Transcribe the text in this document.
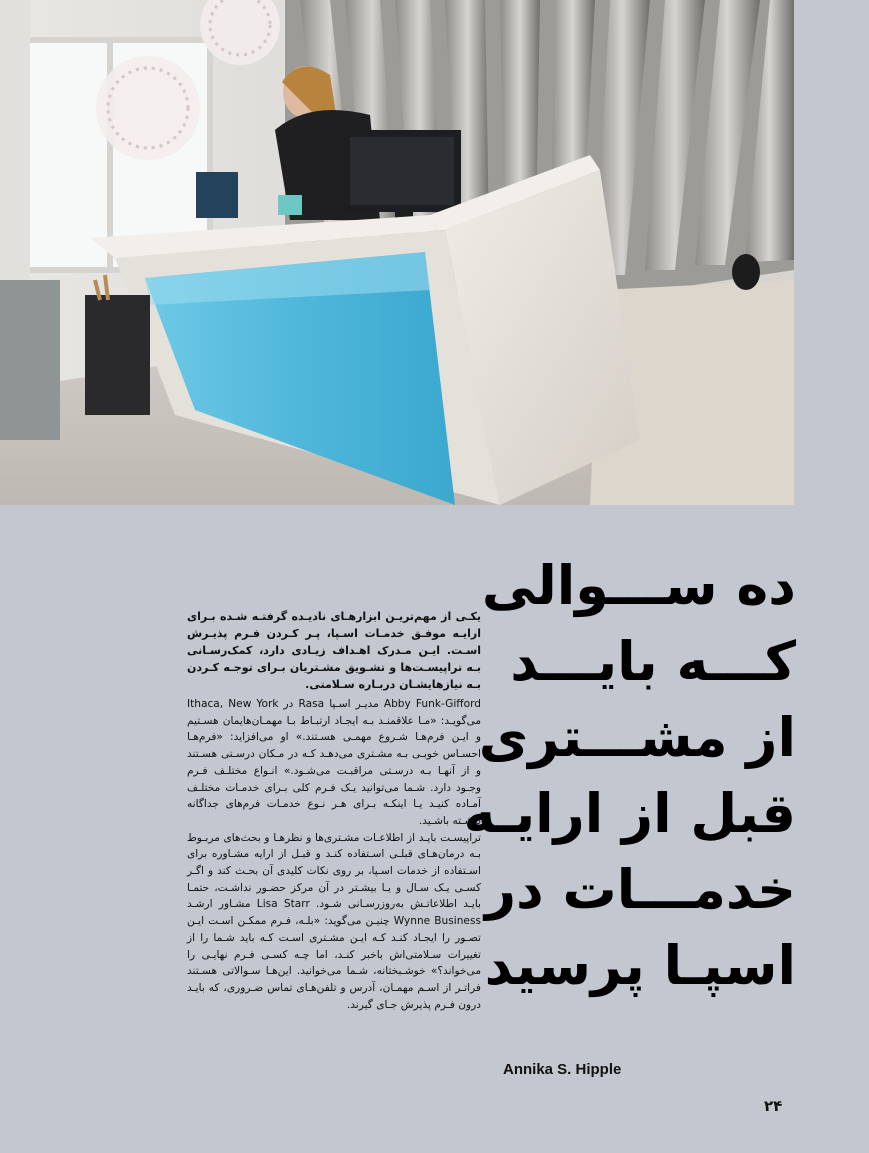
ده ســـوالی
کـــه بایـــد
از مشـــتری
قبل از ارایـه
خدمـــات در
اسپـا پرسید
Annika S. Hipple

یکـی از مهم‌تریـن ابزارهـای نادیـده گرفتـه شـده بـرای ارایـه موفـق خدمـات اسـپا، پـر کـردن فـرم پذیـرش اسـت. ایـن مـدرک اهـداف زیـادی دارد، کمک‌رسـانی بـه تراپیسـت‌ها و تشـویق مشـتریان بـرای توجـه کـردن بـه نیازهایشـان دربـاره سـلامتی.

Abby Funk-Gifford مدیـر اسـپا Rasa در Ithaca, New York می‌گویـد: «مـا علاقمنـد بـه ایجـاد ارتبـاط بـا مهمـان‌هایمان هسـتیم و ایـن فرم‌هـا شـروع مهمـی هسـتند.» او می‌افزاید: «فرم‌هـا احسـاس خوبـی بـه مشـتری می‌دهـد کـه در مـکان درسـتی هسـتند و از آنهـا بـه درسـتی مراقبـت می‌شـود.» انـواع مختلـف فـرم وجـود دارد. شـما می‌توانید یـک فـرم کلی بـرای خدمـات مختلـف آمـاده کنیـد یـا اینکـه بـرای هـر نـوع خدمـات فرم‌های جداگانه داشـته باشـید.

تراپیسـت بایـد از اطلاعـات مشـتری‌ها و نظرهـا و بحث‌های مربـوط بـه درمان‌هـای قبلـی اسـتفاده کنـد و قبـل از ارایه مشـاوره برای اسـتفاده از خدمات اسـپا، بر روی نکات کلیدی آن بحـث کند و اگـر کسـی یـک سـال و یـا بیشـتر در آن مرکز حضـور نداشـت، حتمـا بایـد اطلاعاتـش به‌روزرسـانی شـود. Lisa Starr مشـاور ارشـد Wynne Business چنیـن می‌گوید: «بلـه، فـرم ممکـن اسـت ایـن تصـور را ایجـاد کنـد کـه ایـن مشـتری اسـت کـه باید شـما را از تغییرات سـلامتی‌اش باخبر کنـد، اما چـه کسـی فـرم نهایـی را می‌خواند؟» خوشـبختانه، شـما می‌خوانید. این‌هـا سـوالاتی هسـتند فراتـر از اسـم مهمـان، آدرس و تلفن‌هـای تماس ضـروری، که بایـد درون فـرم پذیرش جـای گیرند.

۲۴
